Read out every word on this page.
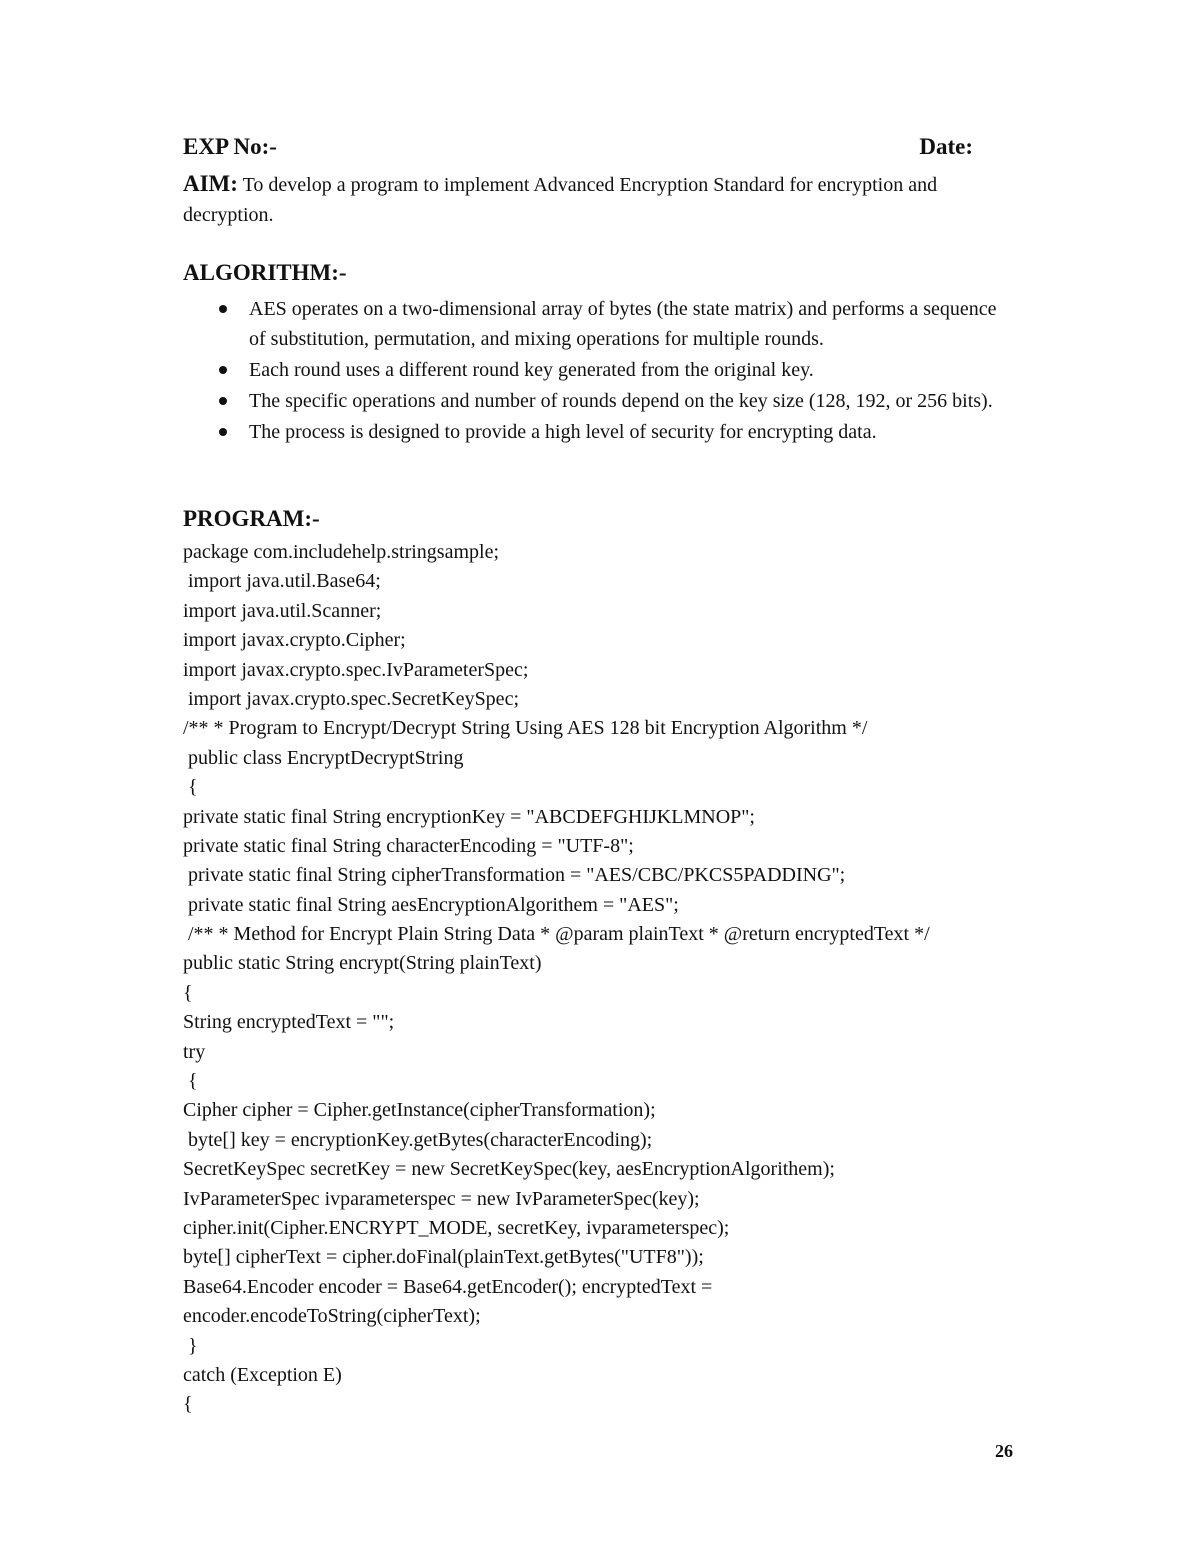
EXP No:-	Date:
AIM: To develop a program to implement Advanced Encryption Standard for encryption and decryption.
ALGORITHM:-
AES operates on a two-dimensional array of bytes (the state matrix) and performs a sequence of substitution, permutation, and mixing operations for multiple rounds.
Each round uses a different round key generated from the original key.
The specific operations and number of rounds depend on the key size (128, 192, or 256 bits).
The process is designed to provide a high level of security for encrypting data.
PROGRAM:-
package com.includehelp.stringsample;
import java.util.Base64;
import java.util.Scanner;
import javax.crypto.Cipher;
import javax.crypto.spec.IvParameterSpec;
import javax.crypto.spec.SecretKeySpec;
/** * Program to Encrypt/Decrypt String Using AES 128 bit Encryption Algorithm */
public class EncryptDecryptString
{
private static final String encryptionKey = "ABCDEFGHIJKLMNOP";
private static final String characterEncoding = "UTF-8";
private static final String cipherTransformation = "AES/CBC/PKCS5PADDING";
private static final String aesEncryptionAlgorithem = "AES";
/** * Method for Encrypt Plain String Data * @param plainText * @return encryptedText */
public static String encrypt(String plainText)
{
String encryptedText = "";
try
{
Cipher cipher = Cipher.getInstance(cipherTransformation);
byte[] key = encryptionKey.getBytes(characterEncoding);
SecretKeySpec secretKey = new SecretKeySpec(key, aesEncryptionAlgorithem);
IvParameterSpec ivparameterspec = new IvParameterSpec(key);
cipher.init(Cipher.ENCRYPT_MODE, secretKey, ivparameterspec);
byte[] cipherText = cipher.doFinal(plainText.getBytes("UTF8"));
Base64.Encoder encoder = Base64.getEncoder(); encryptedText =
encoder.encodeToString(cipherText);
}
catch (Exception E)
{
26
